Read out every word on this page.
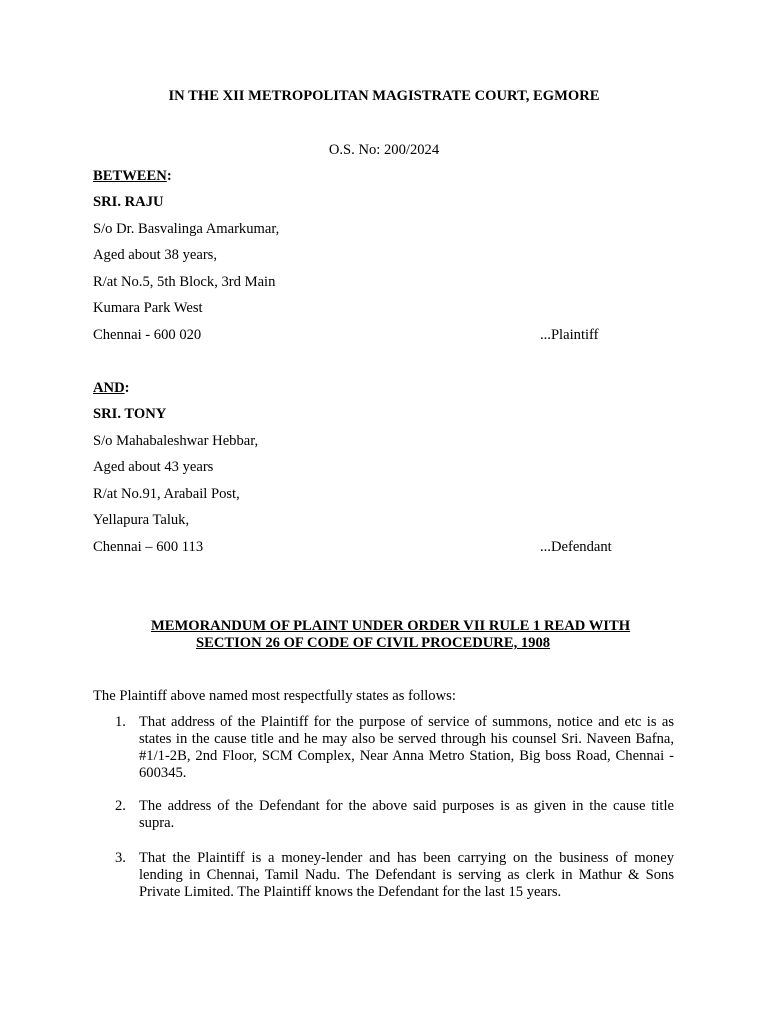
IN THE XII METROPOLITAN MAGISTRATE COURT, EGMORE
O.S. No: 200/2024
BETWEEN:
SRI. RAJU
S/o Dr. Basvalinga Amarkumar,
Aged about 38 years,
R/at No.5, 5th Block, 3rd Main
Kumara Park West
Chennai - 600 020	...Plaintiff
AND:
SRI. TONY
S/o Mahabaleshwar Hebbar,
Aged about 43 years
R/at No.91, Arabail Post,
Yellapura Taluk,
Chennai – 600 113	...Defendant
MEMORANDUM OF PLAINT UNDER ORDER VII RULE 1 READ WITH
SECTION 26 OF CODE OF CIVIL PROCEDURE, 1908
The Plaintiff above named most respectfully states as follows:
1. That address of the Plaintiff for the purpose of service of summons, notice and etc is as states in the cause title and he may also be served through his counsel Sri. Naveen Bafna, #1/1-2B, 2nd Floor, SCM Complex, Near Anna Metro Station, Big boss Road, Chennai - 600345.
2. The address of the Defendant for the above said purposes is as given in the cause title supra.
3. That the Plaintiff is a money-lender and has been carrying on the business of money lending in Chennai, Tamil Nadu. The Defendant is serving as clerk in Mathur & Sons Private Limited. The Plaintiff knows the Defendant for the last 15 years.
